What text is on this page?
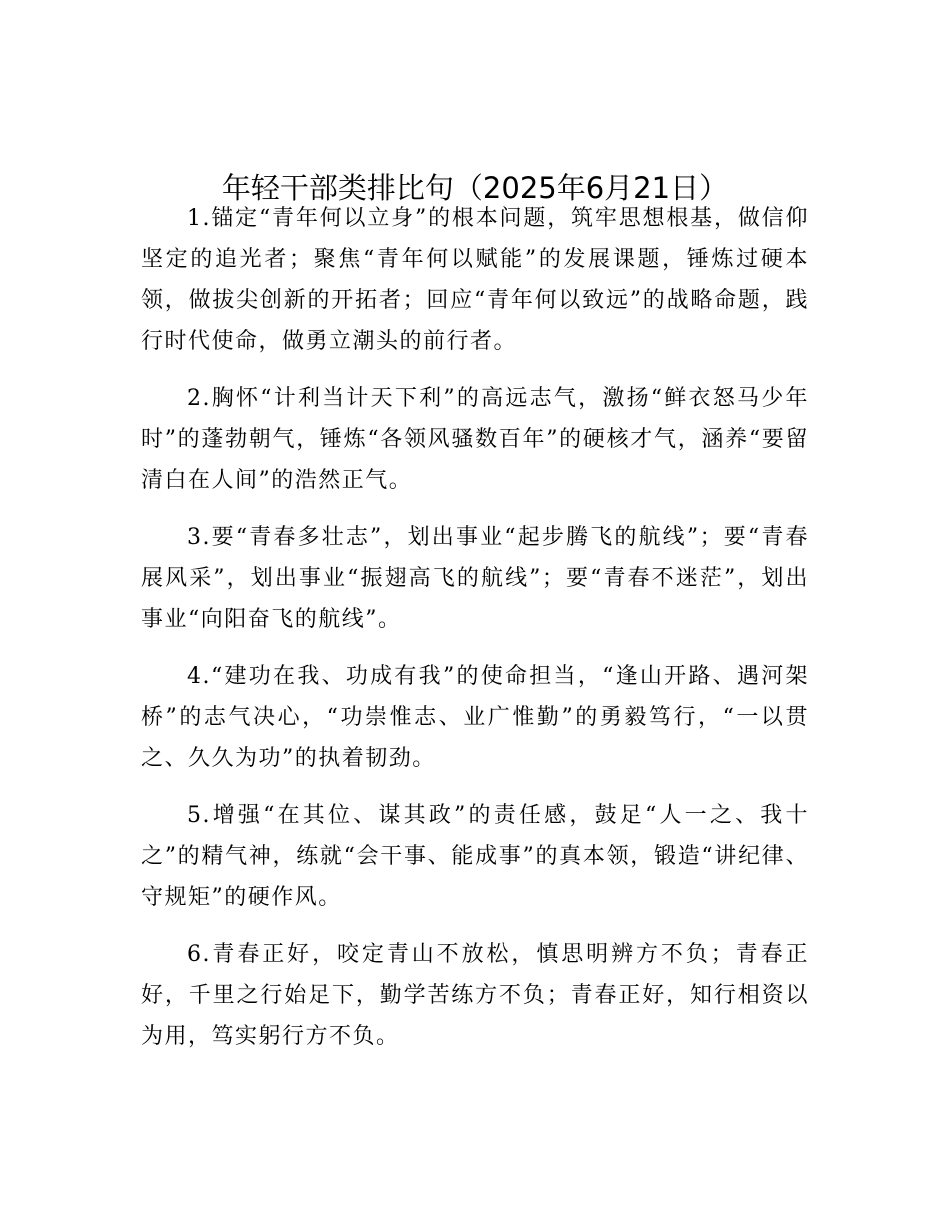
年轻干部类排比句（2025年6月21日）

1.锚定“青年何以立身”的根本问题，筑牢思想根基，做信仰坚定的追光者；聚焦“青年何以赋能”的发展课题，锤炼过硬本领，做拔尖创新的开拓者；回应“青年何以致远”的战略命题，践行时代使命，做勇立潮头的前行者。

2.胸怀“计利当计天下利”的高远志气，激扬“鲜衣怒马少年时”的蓬勃朝气，锤炼“各领风骚数百年”的硬核才气，涵养“要留清白在人间”的浩然正气。

3.要“青春多壮志”，划出事业“起步腾飞的航线”；要“青春展风采”，划出事业“振翅高飞的航线”；要“青春不迷茫”，划出事业“向阳奋飞的航线”。

4.“建功在我、功成有我”的使命担当，“逢山开路、遇河架桥”的志气决心，“功崇惟志、业广惟勤”的勇毅笃行，“一以贯之、久久为功”的执着韧劲。

5.增强“在其位、谋其政”的责任感，鼓足“人一之、我十之”的精气神，练就“会干事、能成事”的真本领，锻造“讲纪律、守规矩”的硬作风。

6.青春正好，咬定青山不放松，慎思明辨方不负；青春正好，千里之行始足下，勤学苦练方不负；青春正好，知行相资以为用，笃实躬行方不负。
